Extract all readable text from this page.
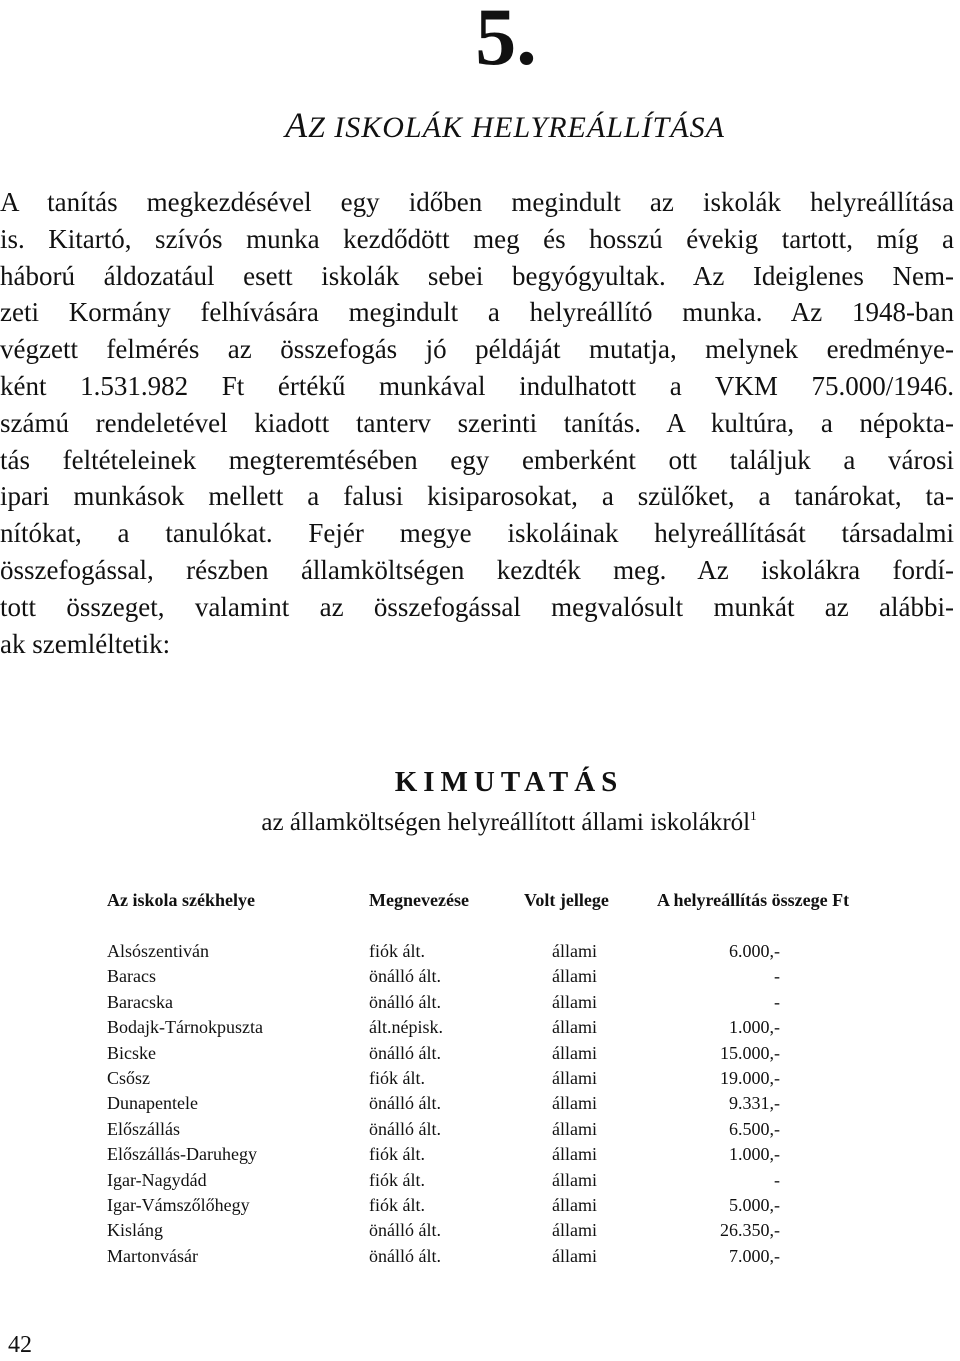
5.
AZ ISKOLÁK HELYREÁLLÍTÁSA
A tanítás megkezdésével egy időben megindult az iskolák helyreállítása
is. Kitartó, szívós munka kezdődött meg és hosszú évekig tartott, míg a
háború áldozatául esett iskolák sebei begyógyultak. Az Ideiglenes Nem-
zeti Kormány felhívására megindult a helyreállító munka. Az 1948-ban
végzett felmérés az összefogás jó példáját mutatja, melynek eredménye-
ként 1.531.982 Ft értékű munkával indulhatott a VKM 75.000/1946.
számú rendeletével kiadott tanterv szerinti tanítás. A kultúra, a népokta-
tás feltételeinek megteremtésében egy emberként ott találjuk a városi
ipari munkások mellett a falusi kisiparosokat, a szülőket, a tanárokat, ta-
nítókat, a tanulókat. Fejér megye iskoláinak helyreállítását társadalmi
összefogással, részben államköltségen kezdték meg. Az iskolákra fordí-
tott összeget, valamint az összefogással megvalósult munkát az alábbi-
ak szemléltetik:
KIMUTATÁS
az államköltségen helyreállított állami iskolákról$^1$
Az iskola székhelye	Megnevezése	Volt jellege	A helyreállítás összege Ft
Alsószentiván	fiók ált.	állami	6.000,-
Baracs	önálló ált.	állami	-
Baracska	önálló ált.	állami	-
Bodajk-Tárnokpuszta	ált.népisk.	állami	1.000,-
Bicske	önálló ált.	állami	15.000,-
Csősz	fiók ált.	állami	19.000,-
Dunapentele	önálló ált.	állami	9.331,-
Előszállás	önálló ált.	állami	6.500,-
Előszállás-Daruhegy	fiók ált.	állami	1.000,-
Igar-Nagydád	fiók ált.	állami	-
Igar-Vámszőlőhegy	fiók ált.	állami	5.000,-
Kisláng	önálló ált.	állami	26.350,-
Martonvásár	önálló ált.	állami	7.000,-
42
